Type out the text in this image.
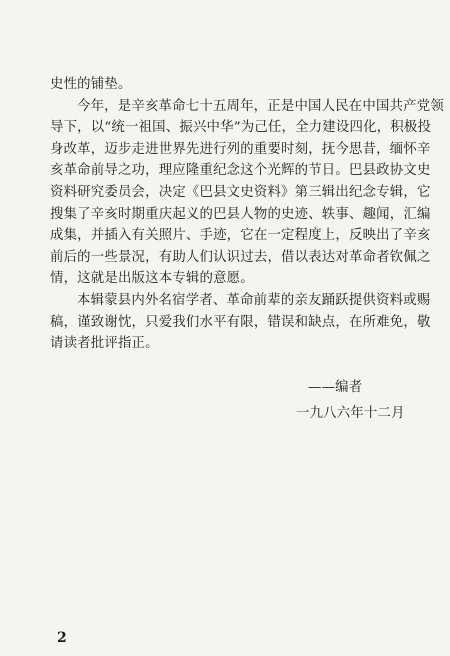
史性的铺垫。

今年，是辛亥革命七十五周年，正是中国人民在中国共产党领导下，以“统一祖国、振兴中华”为己任，全力建设四化，积极投身改革，迈步走进世界先进行列的重要时刻，抚今思昔，缅怀辛亥革命前导之功，理应隆重纪念这个光辉的节日。巴县政协文史资料研究委员会，决定《巴县文史资料》第三辑出纪念专辑，它搜集了辛亥时期重庆起义的巴县人物的史迹、轶事、趣闻，汇编成集，并插入有关照片、手迹，它在一定程度上，反映出了辛亥前后的一些景况，有助人们认识过去，借以表达对革命者钦佩之情，这就是出版这本专辑的意愿。

本辑蒙县内外名宿学者、革命前辈的亲友踊跃提供资料或赐稿，谨致谢忱，只爱我们水平有限，错误和缺点，在所难免，敬请读者批评指正。

——编者
一九八六年十二月
2
